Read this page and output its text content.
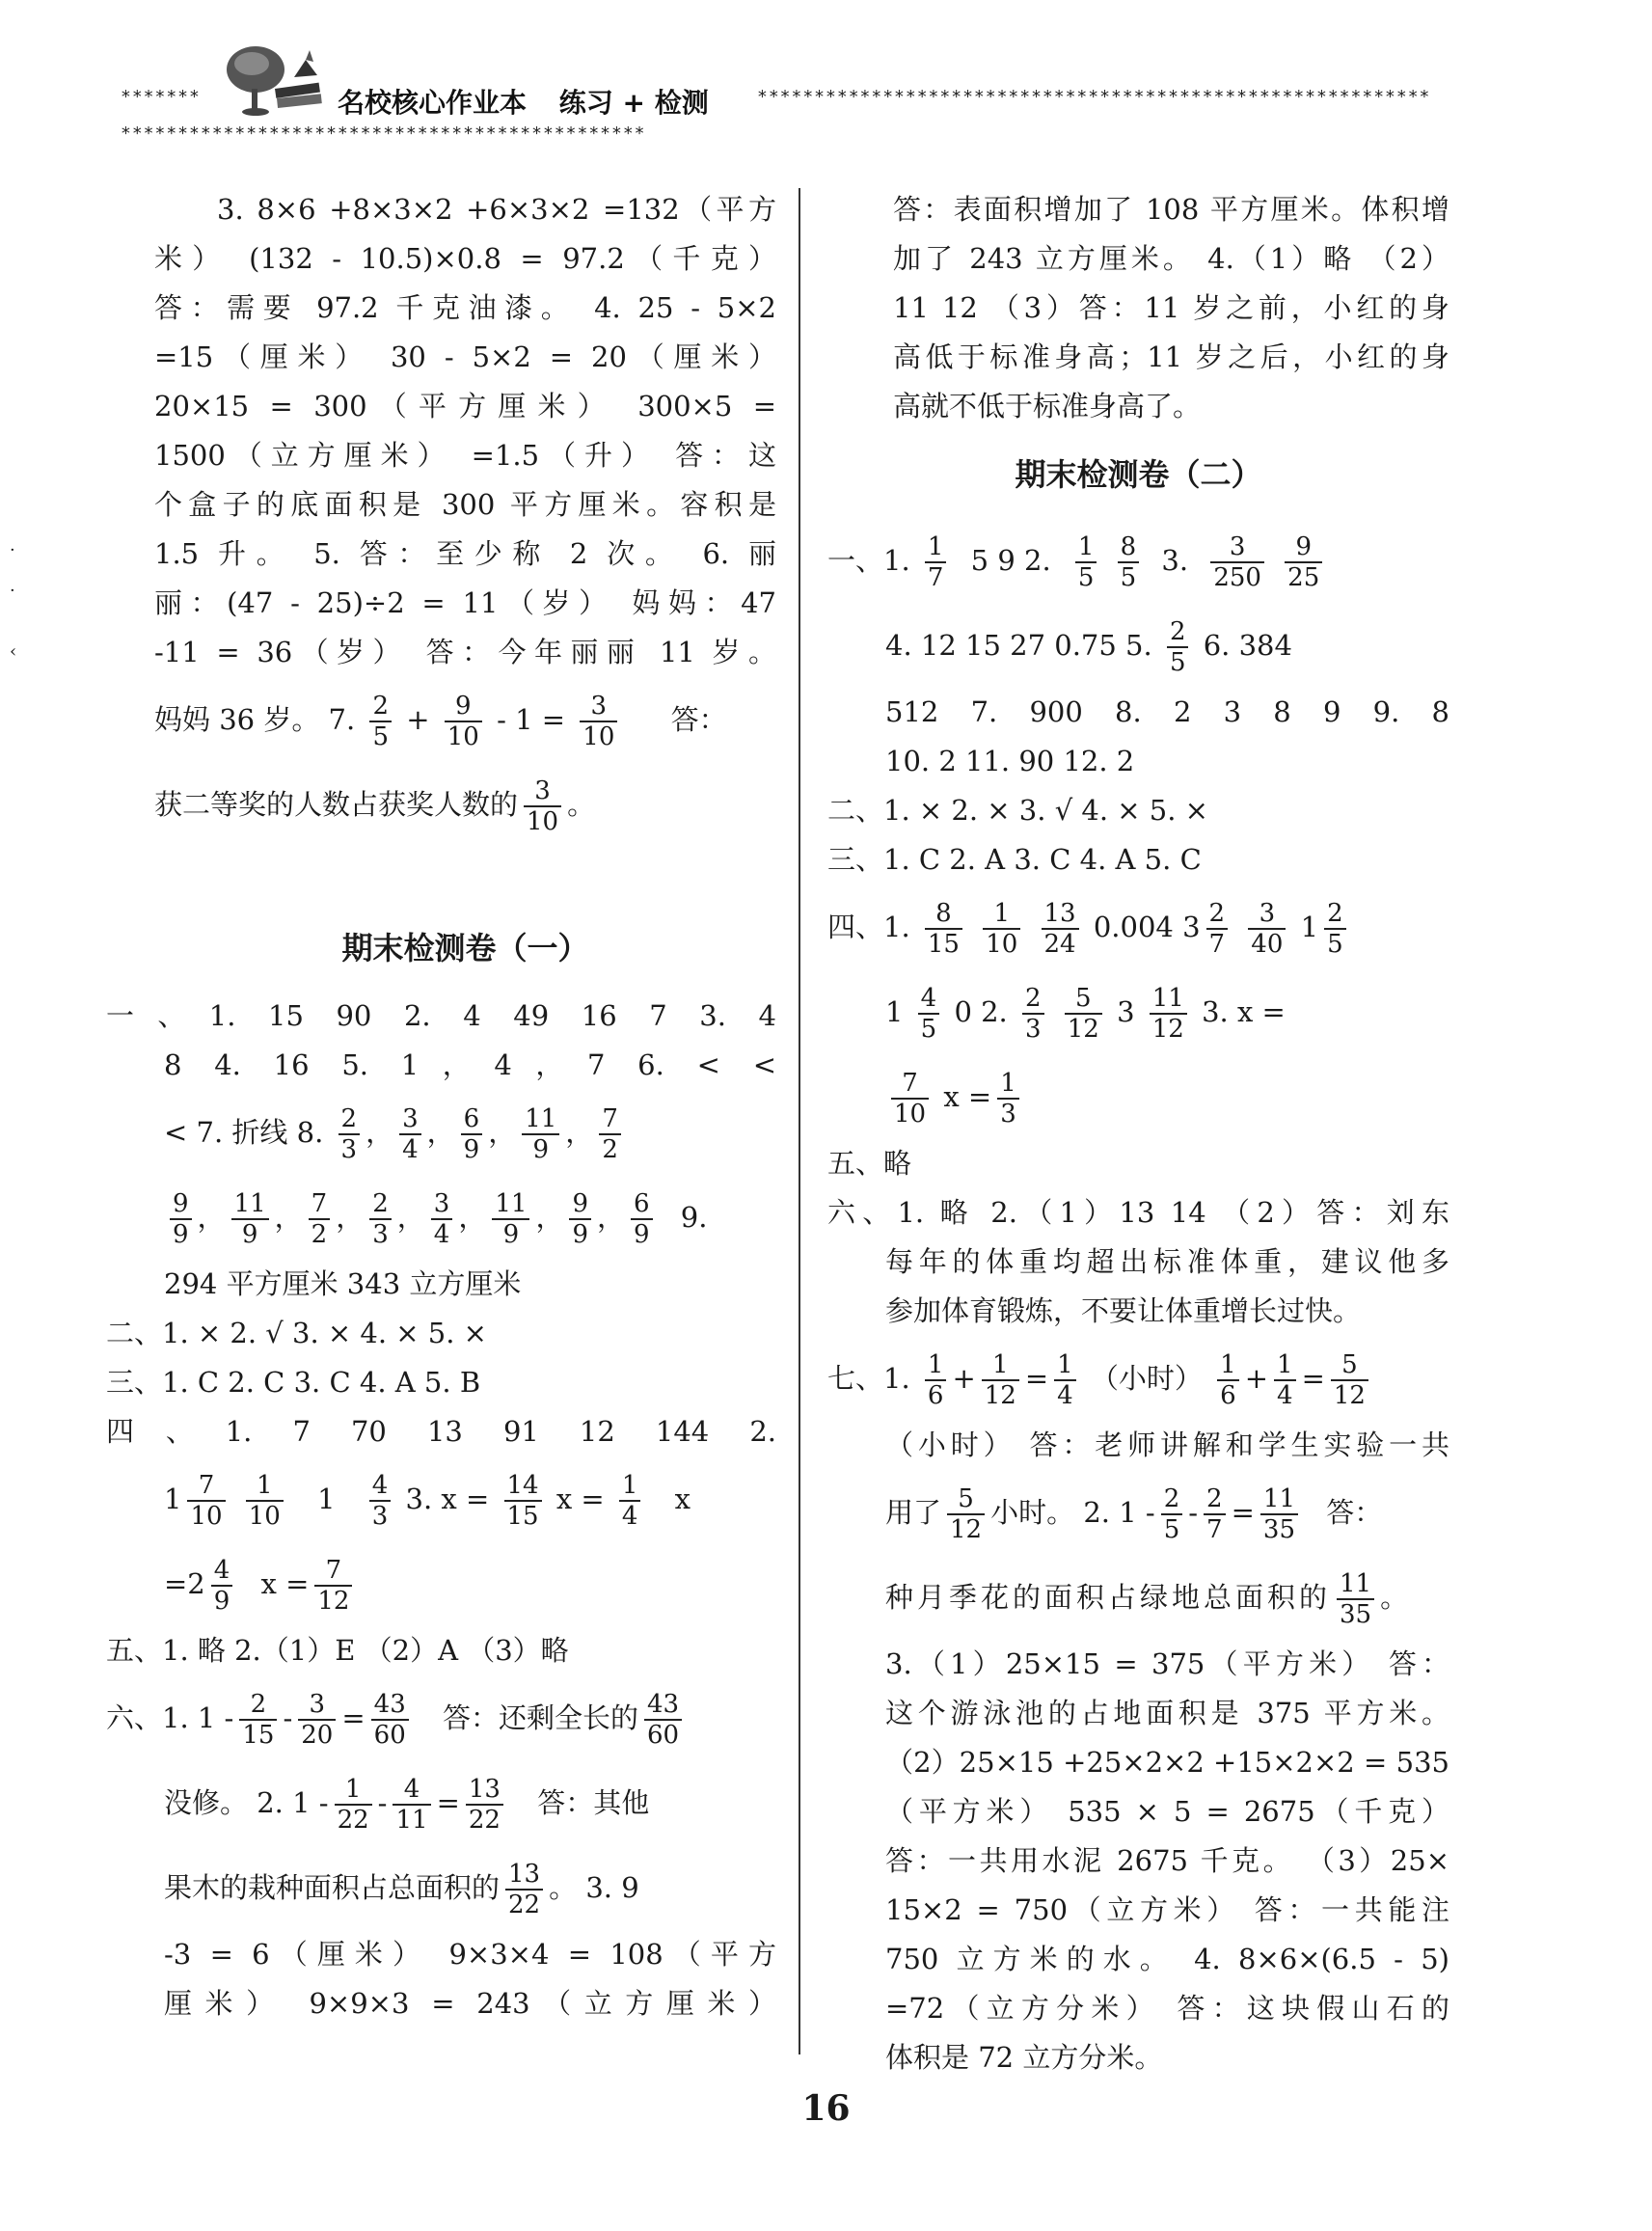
*******	名校核心作业本 练习 + 检测	***********************************************************
**********************************************
·

·

‹
3. 8×6 +8×3×2 +6×3×2 =132（平方
米） (132 - 10.5)×0.8 = 97.2（千克）
答：需要 97.2 千克油漆。 4. 25 - 5×2
=15（厘米） 30 - 5×2 = 20（厘米）
20×15 = 300（平方厘米） 300×5 =
1500（立方厘米） =1.5（升） 答：这
个盒子的底面积是 300 平方厘米。容积是
1.5 升。 5. 答：至少称 2 次。 6. 丽
丽：(47 - 25)÷2 = 11（岁） 妈妈：47
-11 = 36（岁） 答：今年丽丽 11 岁。
妈妈 36 岁。 7. $\frac{2}{5} + \frac{9}{10} - 1 = \frac{3}{10}$ 答：
获二等奖的人数占获奖人数的 $\frac{3}{10}$ 。
期末检测卷（一）
一、1. 15 90 2. 4 49 16 7 3. 4
8 4. 16 5. 1，4，7 6. < <
< 7. 折线 8. $\frac{2}{3}$ ， $\frac{3}{4}$ ， $\frac{6}{9}$ ， $\frac{11}{9}$ ， $\frac{7}{2}$
$\frac{9}{9}$ ， $\frac{11}{9}$ ， $\frac{7}{2}$ ， $\frac{2}{3}$ ， $\frac{3}{4}$ ， $\frac{11}{9}$ ， $\frac{9}{9}$ ， $\frac{6}{9} 9$.
294 平方厘米 343 立方厘米
二、1. × 2. √ 3. × 4. × 5. ×
三、1. C 2. C 3. C 4. A 5. B
四、1. 7 70 13 91 12 144 2.
$1 \frac{7}{10}$
$\frac{1}{10} 1 \frac{4}{3} 3$. $x = \frac{14}{15}$ $x = \frac{1}{4}$ x
$=2 \frac{4}{9}$ $x = \frac{7}{12}$
五、1. 略 2.（1）E （2）A （3）略
六、1. $1 - \frac{2}{15} - \frac{3}{20} = \frac{43}{60}$ 答：还剩全长的 $\frac{43}{60}$
没修。 2. $1 - \frac{1}{22} - \frac{4}{11} = \frac{13}{22}$ 答：其他
果木的栽种面积占总面积的 $\frac{13}{22}$ 。 3. 9
-3 = 6（厘米） 9×3×4 = 108（平方
厘米） 9×9×3 = 243（立方厘米）
答：表面积增加了 108 平方厘米。体积增
加了 243 立方厘米。 4.（1）略 （2）
11 12 （3）答：11 岁之前，小红的身
高低于标准身高；11 岁之后，小红的身
高就不低于标准身高了。
期末检测卷（二）
一、1. $\frac{1}{7} 5$ 9 2. $\frac{1}{5}$
$\frac{8}{5} 3$. $\frac{3}{250}$
$\frac{9}{25}$
4. 12 15 27 0.75 5. $\frac{2}{5} 6$. 384
512 7. 900 8. 2 3 8 9 9. 8
10. 2 11. 90 12. 2
二、1. × 2. × 3. √ 4. × 5. ×
三、1. C 2. A 3. C 4. A 5. C
四、1. $\frac{8}{15}$
$\frac{1}{10}$
$\frac{13}{24} 0.004$ $3 \frac{2}{7}$
$\frac{3}{40} 1 \frac{2}{5}$
$1 \frac{4}{5} 0$ 2. $\frac{2}{3}$
$\frac{5}{12} 3 \frac{11}{12} 3$. x =
$\frac{7}{10}$ $x = \frac{1}{3}$
五、略
六、1. 略 2.（1）13 14 （2）答：刘东
每年的体重均超出标准体重，建议他多
参加体育锻炼，不要让体重增长过快。
七、1. $\frac{1}{6} + \frac{1}{12} = \frac{1}{4}$ （小时） $\frac{1}{6} + \frac{1}{4} = \frac{5}{12}$
（小时） 答：老师讲解和学生实验一共
用了 $\frac{5}{12}$ 小时。 2. $1 - \frac{2}{5} - \frac{2}{7} = \frac{11}{35}$ 答：
种月季花的面积占绿地总面积的 $\frac{11}{35}$ 。
3.（1）25×15 = 375（平方米） 答：
这个游泳池的占地面积是 375 平方米。
（2）25×15 +25×2×2 +15×2×2 = 535
（平方米） 535 × 5 = 2675（千克）
答：一共用水泥 2675 千克。 （3）25×
15×2 = 750（立方米） 答：一共能注
750 立方米的水。 4. 8×6×(6.5 - 5)
=72（立方分米） 答：这块假山石的
体积是 72 立方分米。
16
